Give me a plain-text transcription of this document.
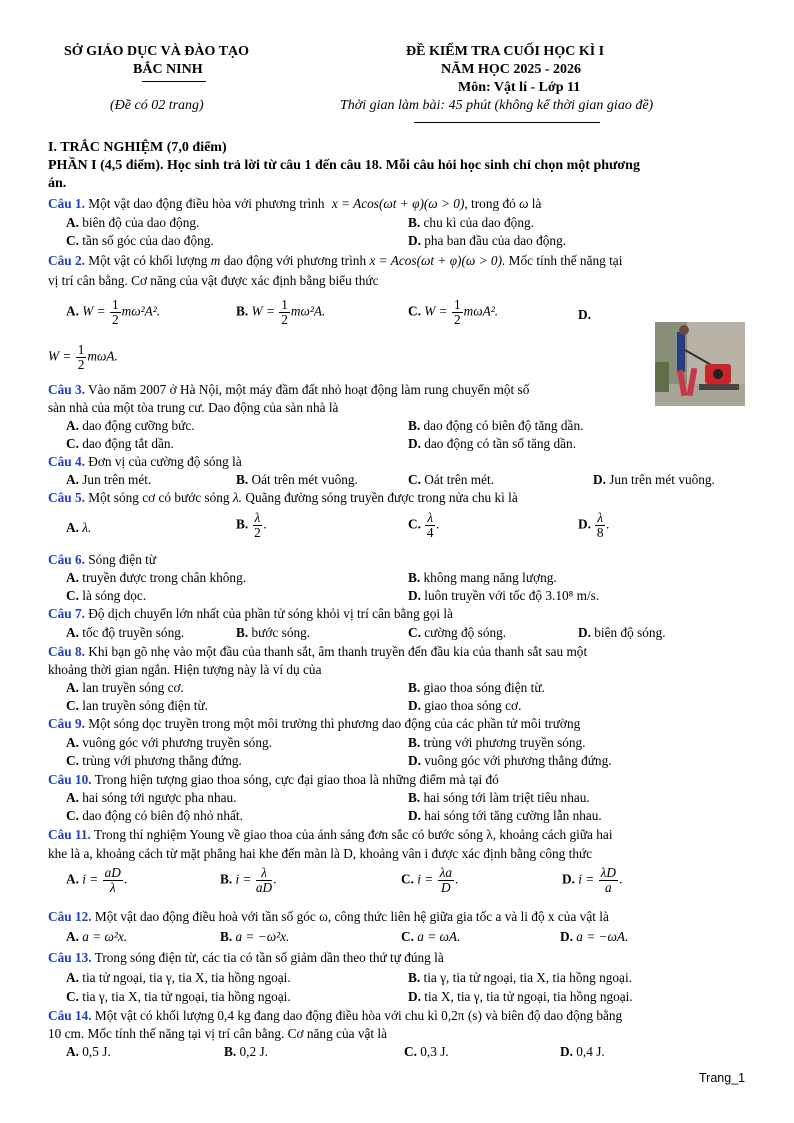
SỞ GIÁO DỤC VÀ ĐÀO TẠO
BẮC NINH
(Đề có 02 trang)
ĐỀ KIỂM TRA CUỐI HỌC KÌ I
NĂM HỌC 2025 - 2026
Môn: Vật lí - Lớp 11
Thời gian làm bài: 45 phút (không kể thời gian giao đề)
I. TRẮC NGHIỆM (7,0 điểm)
PHẦN I (4,5 điểm). Học sinh trả lời từ câu 1 đến câu 18. Mỗi câu hỏi học sinh chỉ chọn một phương
án.
Câu 1. Một vật dao động điều hòa với phương trình x = Acos(ωt + φ)(ω > 0), trong đó ω là
A. biên độ của dao động.	B. chu kì của dao động.
C. tần số góc của dao động.	D. pha ban đầu của dao động.
Câu 2. Một vật có khối lượng m dao động với phương trình x = Acos(ωt + φ)(ω > 0). Mốc tính thế năng tại
vị trí cân bằng. Cơ năng của vật được xác định bằng biểu thức
A. $W = \frac{1}{2} m\omega^2A^2$.	B. $W = \frac{1}{2} m\omega^2A$.	C. $W = \frac{1}{2} m\omega A^2$.	D.
$W = \frac{1}{2} m\omega A$.
Câu 3. Vào năm 2007 ở Hà Nội, một máy đầm đất nhỏ hoạt động làm rung chuyển một số
sàn nhà của một tòa trung cư. Dao động của sàn nhà là
A. dao động cưỡng bức.	B. dao động có biên độ tăng dần.
C. dao động tắt dần.	D. dao động có tần số tăng dần.
Câu 4. Đơn vị của cường độ sóng là
A. Jun trên mét.	B. Oát trên mét vuông.	C. Oát trên mét.	D. Jun trên mét vuông.
Câu 5. Một sóng cơ có bước sóng λ. Quãng đường sóng truyền được trong nửa chu kì là
A. λ.	B. $\frac{\lambda}{2}$ .	C. $\frac{\lambda}{4}$ .	D. $\frac{\lambda}{8}$ .
Câu 6. Sóng điện từ
A. truyền được trong chân không.	B. không mang năng lượng.
C. là sóng dọc.	D. luôn truyền với tốc độ 3.10⁸ m/s.
Câu 7. Độ dịch chuyển lớn nhất của phần tử sóng khỏi vị trí cân bằng gọi là
A. tốc độ truyền sóng.	B. bước sóng.	C. cường độ sóng.	D. biên độ sóng.
Câu 8. Khi bạn gõ nhẹ vào một đầu của thanh sắt, âm thanh truyền đến đầu kia của thanh sắt sau một
khoảng thời gian ngắn. Hiện tượng này là ví dụ của
A. lan truyền sóng cơ.	B. giao thoa sóng điện từ.
C. lan truyền sóng điện từ.	D. giao thoa sóng cơ.
Câu 9. Một sóng dọc truyền trong một môi trường thì phương dao động của các phần tử môi trường
A. vuông góc với phương truyền sóng.	B. trùng với phương truyền sóng.
C. trùng với phương thẳng đứng.	D. vuông góc với phương thẳng đứng.
Câu 10. Trong hiện tượng giao thoa sóng, cực đại giao thoa là những điểm mà tại đó
A. hai sóng tới ngược pha nhau.	B. hai sóng tới làm triệt tiêu nhau.
C. dao động có biên độ nhỏ nhất.	D. hai sóng tới tăng cường lẫn nhau.
Câu 11. Trong thí nghiệm Young về giao thoa của ánh sáng đơn sắc có bước sóng λ, khoảng cách giữa hai
khe là a, khoảng cách từ mặt phẳng hai khe đến màn là D, khoảng vân i được xác định bằng công thức
A. $i = \frac{aD}{\lambda}$ .	B. $i = \frac{\lambda}{aD}$ .	C. $i = \frac{\lambda a}{D}$ .	D. $i = \frac{\lambda D}{a}$ .
Câu 12. Một vật dao động điều hoà với tần số góc ω, công thức liên hệ giữa gia tốc a và li độ x của vật là
A. a = ω²x.	B. a = −ω²x.	C. a = ωA.	D. a = −ωA.
Câu 13. Trong sóng điện từ, các tia có tần số giảm dần theo thứ tự đúng là
A. tia tử ngoại, tia γ, tia X, tia hồng ngoại.	B. tia γ, tia tử ngoại, tia X, tia hồng ngoại.
C. tia γ, tia X, tia tử ngoại, tia hồng ngoại.	D. tia X, tia γ, tia tử ngoại, tia hồng ngoại.
Câu 14. Một vật có khối lượng 0,4 kg đang dao động điều hòa với chu kì 0,2π (s) và biên độ dao động bằng
10 cm. Mốc tính thế năng tại vị trí cân bằng. Cơ năng của vật là
A. 0,5 J.	B. 0,2 J.	C. 0,3 J.	D. 0,4 J.
Trang_1
